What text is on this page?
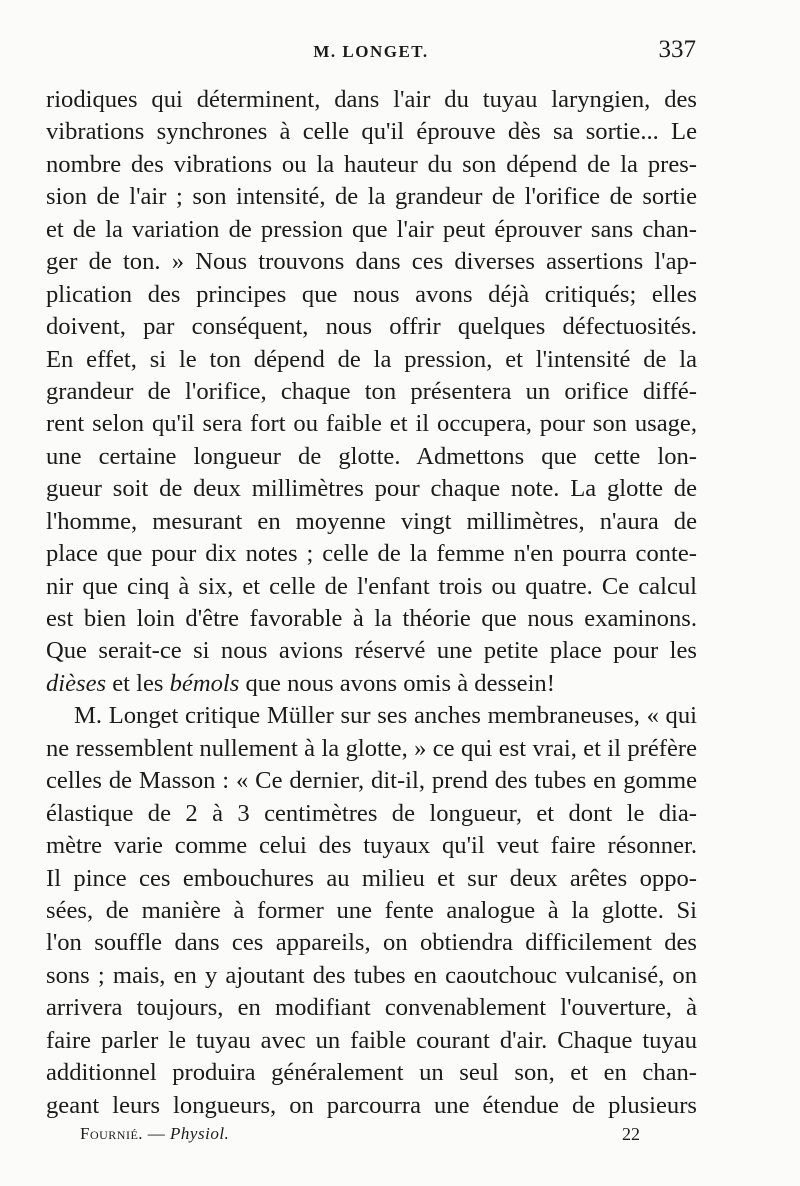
M. LONGET.	337
riodiques qui déterminent, dans l'air du tuyau laryngien, des
vibrations synchrones à celle qu'il éprouve dès sa sortie... Le
nombre des vibrations ou la hauteur du son dépend de la pres-
sion de l'air ; son intensité, de la grandeur de l'orifice de sortie
et de la variation de pression que l'air peut éprouver sans chan-
ger de ton. » Nous trouvons dans ces diverses assertions l'ap-
plication des principes que nous avons déjà critiqués; elles
doivent, par conséquent, nous offrir quelques défectuosités.
En effet, si le ton dépend de la pression, et l'intensité de la
grandeur de l'orifice, chaque ton présentera un orifice diffé-
rent selon qu'il sera fort ou faible et il occupera, pour son usage,
une certaine longueur de glotte. Admettons que cette lon-
gueur soit de deux millimètres pour chaque note. La glotte de
l'homme, mesurant en moyenne vingt millimètres, n'aura de
place que pour dix notes ; celle de la femme n'en pourra conte-
nir que cinq à six, et celle de l'enfant trois ou quatre. Ce calcul
est bien loin d'être favorable à la théorie que nous examinons.
Que serait-ce si nous avions réservé une petite place pour les
dièses et les bémols que nous avons omis à dessein!
M. Longet critique Müller sur ses anches membraneuses, « qui
ne ressemblent nullement à la glotte, » ce qui est vrai, et il préfère
celles de Masson : « Ce dernier, dit-il, prend des tubes en gomme
élastique de 2 à 3 centimètres de longueur, et dont le dia-
mètre varie comme celui des tuyaux qu'il veut faire résonner.
Il pince ces embouchures au milieu et sur deux arêtes oppo-
sées, de manière à former une fente analogue à la glotte. Si
l'on souffle dans ces appareils, on obtiendra difficilement des
sons ; mais, en y ajoutant des tubes en caoutchouc vulcanisé, on
arrivera toujours, en modifiant convenablement l'ouverture, à
faire parler le tuyau avec un faible courant d'air. Chaque tuyau
additionnel produira généralement un seul son, et en chan-
geant leurs longueurs, on parcourra une étendue de plusieurs
Fournié. — Physiol.	22
